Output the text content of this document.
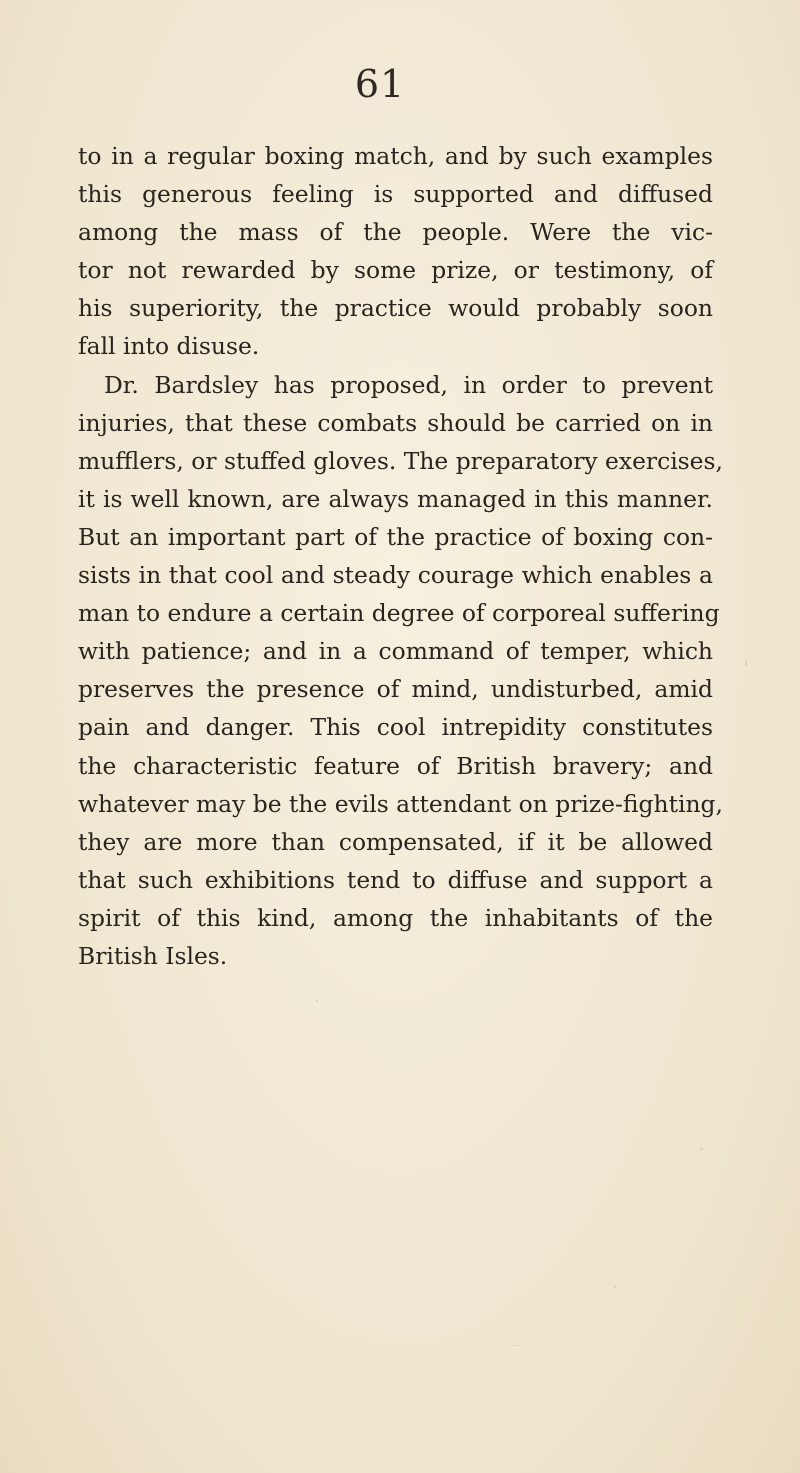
61
to in a regular boxing match, and by such examples
this generous feeling is supported and diffused
among the mass of the people. Were the vic-
tor not rewarded by some prize, or testimony, of
his superiority, the practice would probably soon
fall into disuse.
Dr. Bardsley has proposed, in order to prevent
injuries, that these combats should be carried on in
mufflers, or stuffed gloves. The preparatory exercises,
it is well known, are always managed in this manner.
But an important part of the practice of boxing con-
sists in that cool and steady courage which enables a
man to endure a certain degree of corporeal suffering
with patience; and in a command of temper, which
preserves the presence of mind, undisturbed, amid
pain and danger. This cool intrepidity constitutes
the characteristic feature of British bravery; and
whatever may be the evils attendant on prize-fighting,
they are more than compensated, if it be allowed
that such exhibitions tend to diffuse and support a
spirit of this kind, among the inhabitants of the
British Isles.
